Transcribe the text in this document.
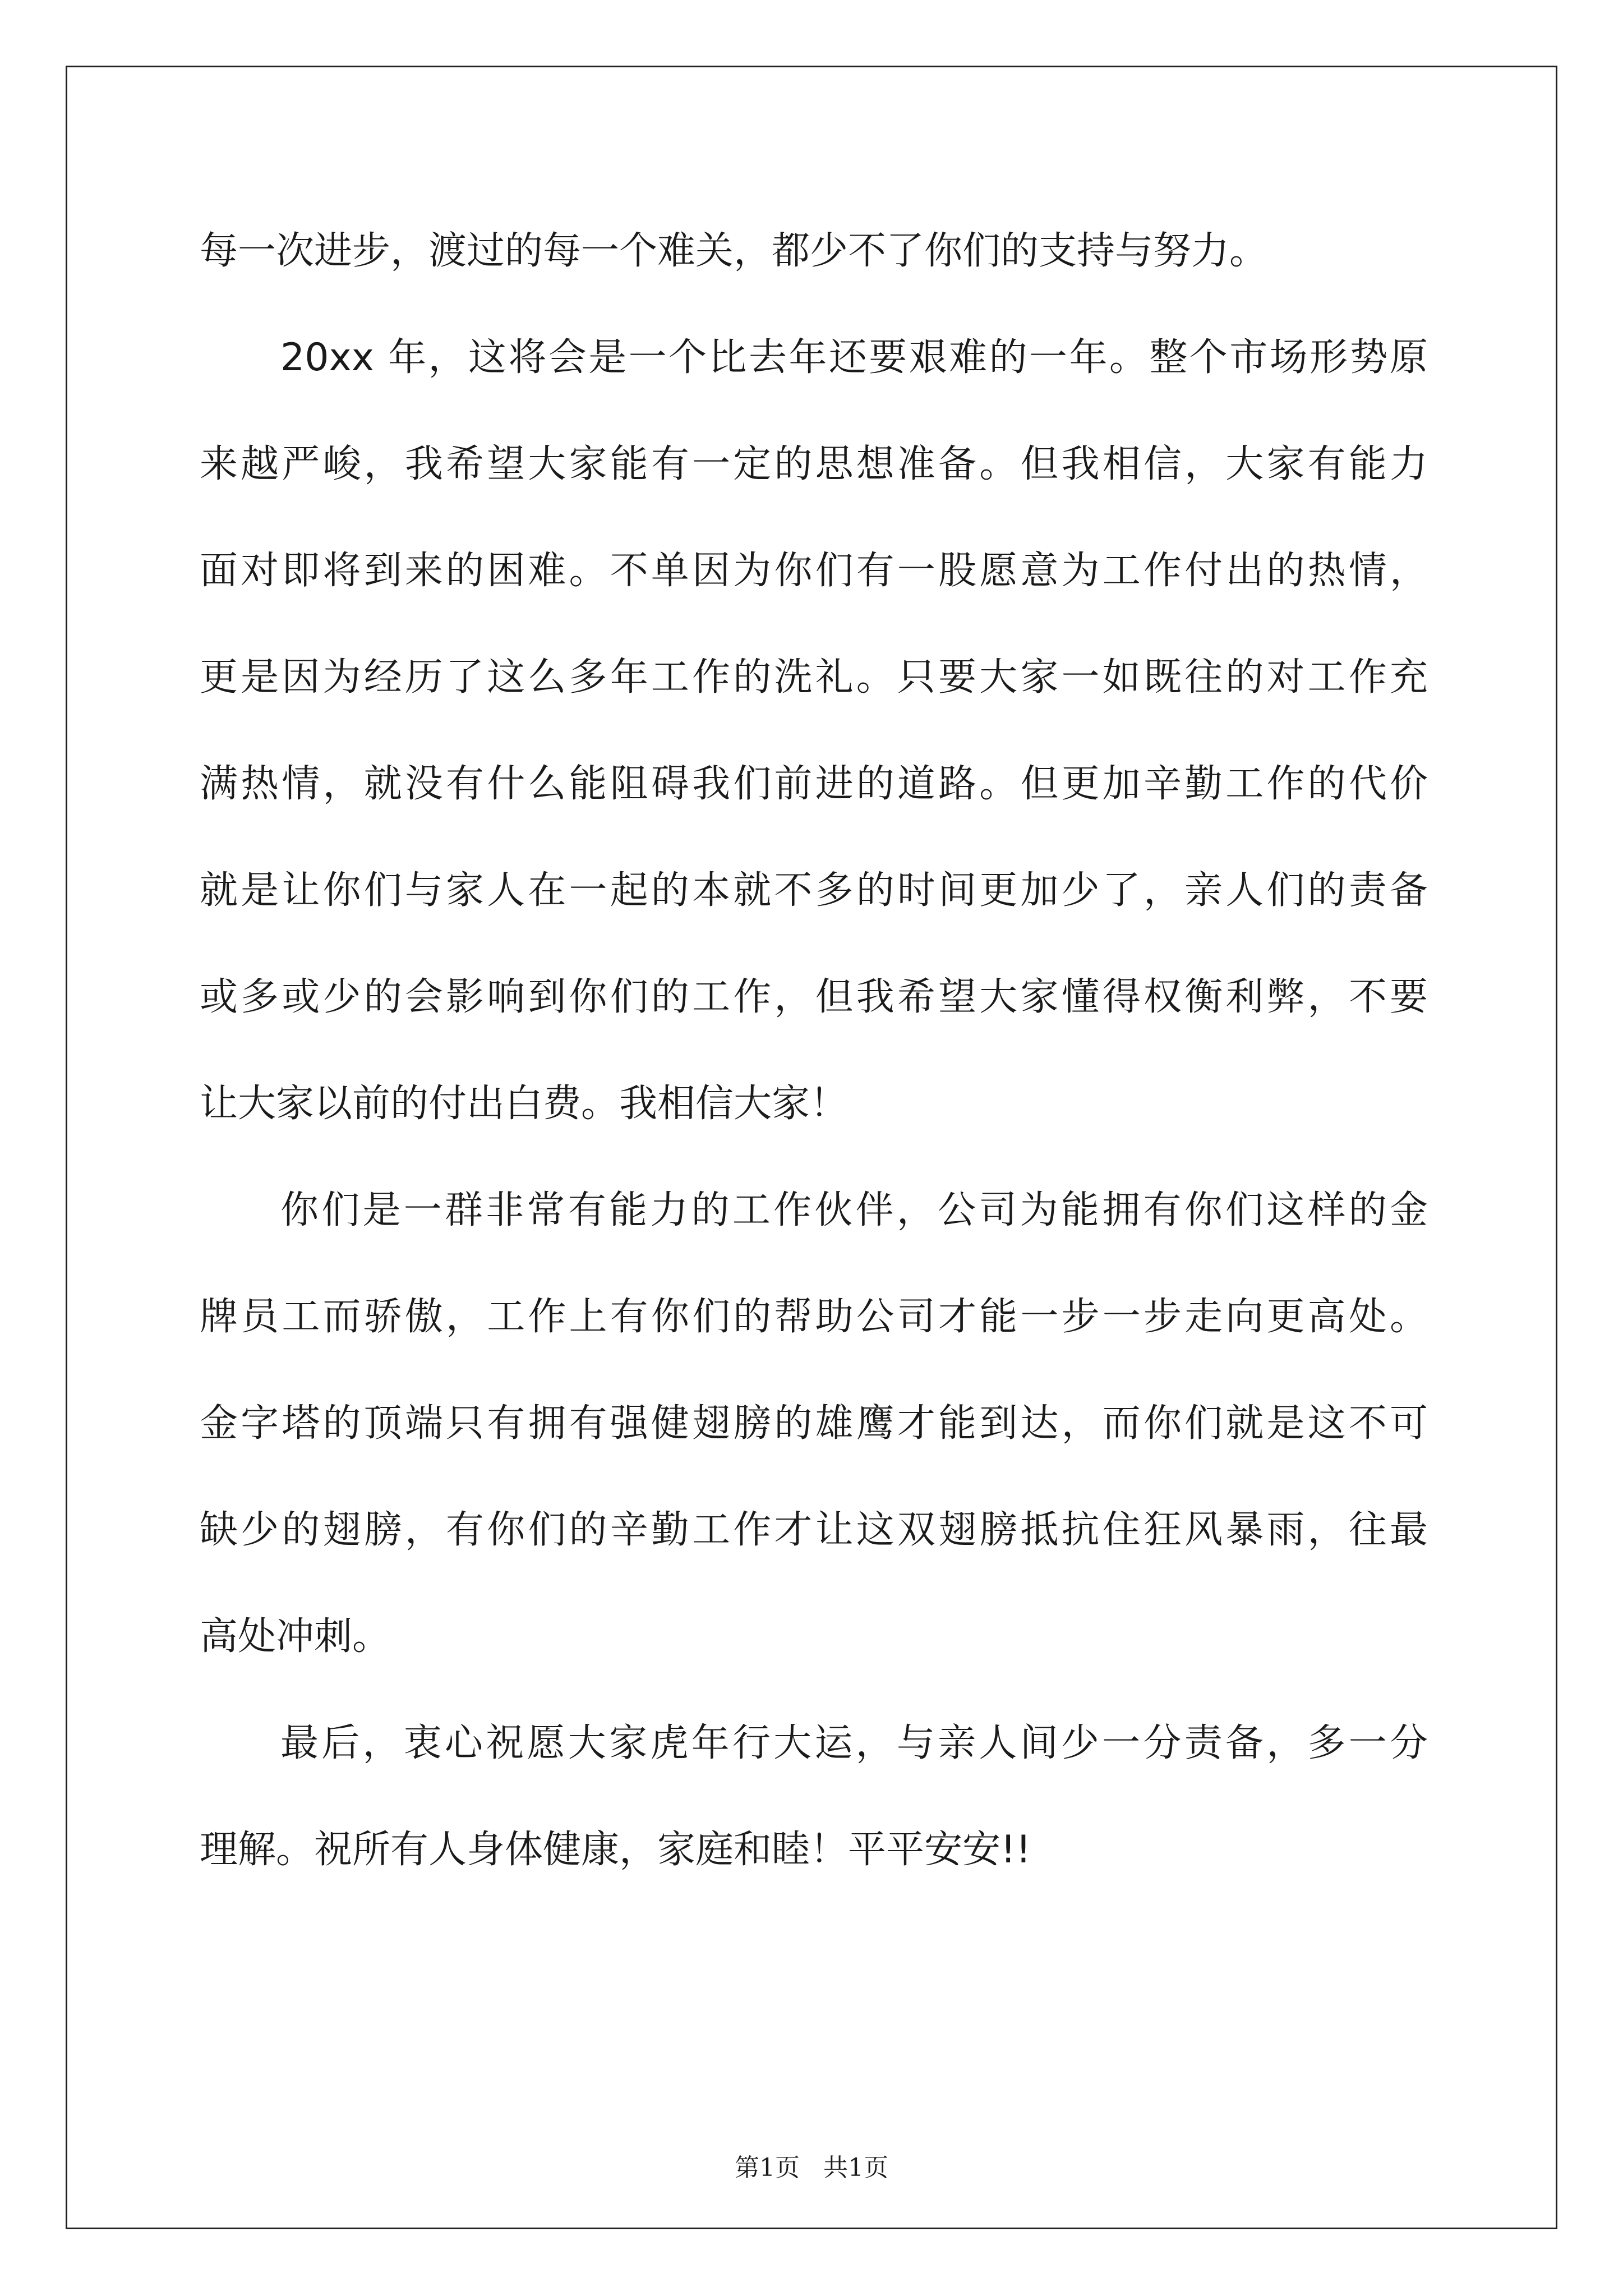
每一次进步，渡过的每一个难关，都少不了你们的支持与努力。
20xx 年，这将会是一个比去年还要艰难的一年。整个市场形势原
来越严峻，我希望大家能有一定的思想准备。但我相信，大家有能力
面对即将到来的困难。不单因为你们有一股愿意为工作付出的热情，
更是因为经历了这么多年工作的洗礼。只要大家一如既往的对工作充
满热情，就没有什么能阻碍我们前进的道路。但更加辛勤工作的代价
就是让你们与家人在一起的本就不多的时间更加少了，亲人们的责备
或多或少的会影响到你们的工作，但我希望大家懂得权衡利弊，不要
让大家以前的付出白费。我相信大家！
你们是一群非常有能力的工作伙伴，公司为能拥有你们这样的金
牌员工而骄傲，工作上有你们的帮助公司才能一步一步走向更高处。
金字塔的顶端只有拥有强健翅膀的雄鹰才能到达，而你们就是这不可
缺少的翅膀，有你们的辛勤工作才让这双翅膀抵抗住狂风暴雨，往最
高处冲刺。
最后，衷心祝愿大家虎年行大运，与亲人间少一分责备，多一分
理解。祝所有人身体健康，家庭和睦！平平安安!!
第1页 共1页
